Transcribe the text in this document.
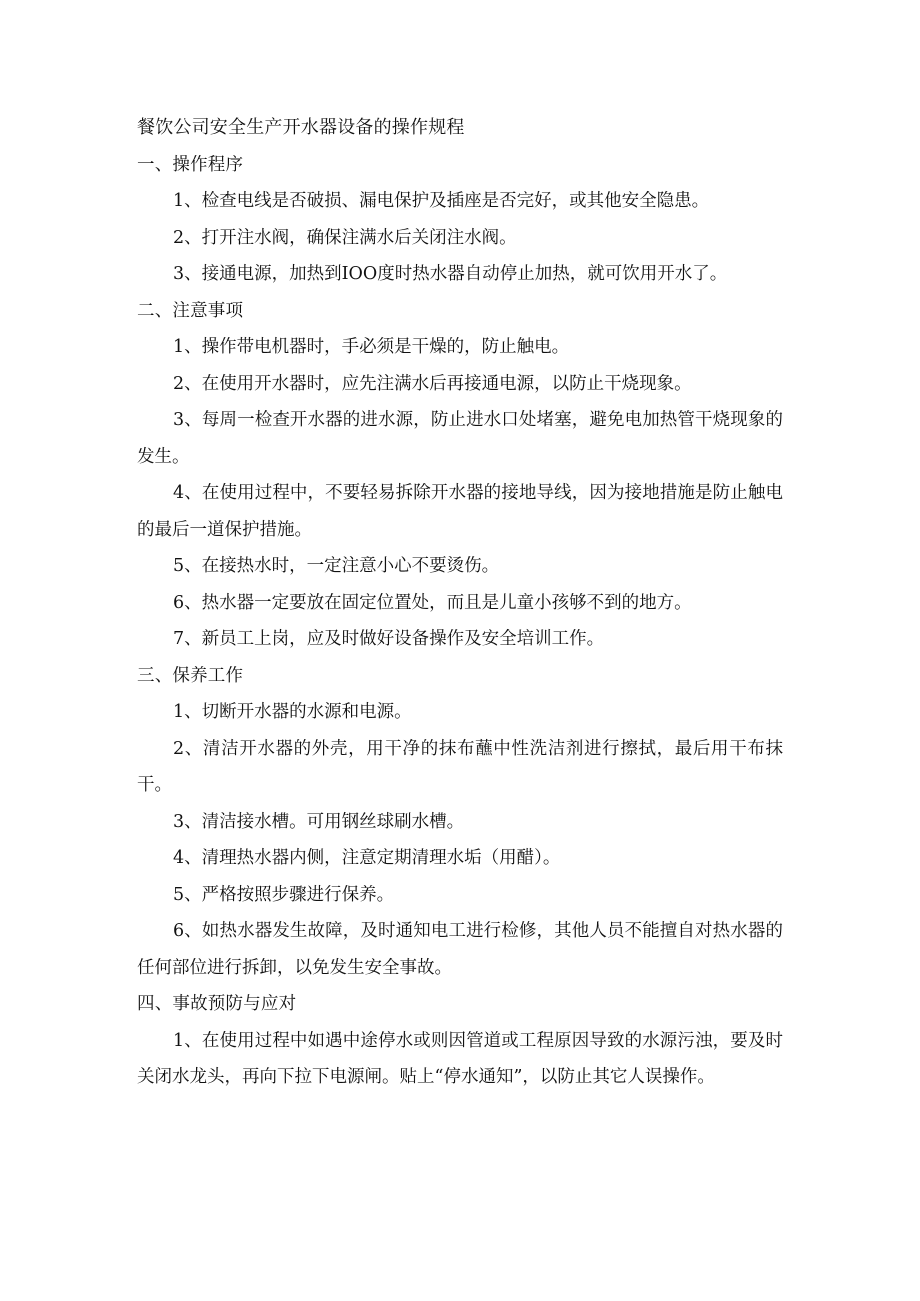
餐饮公司安全生产开水器设备的操作规程

一、操作程序

1、检查电线是否破损、漏电保护及插座是否完好，或其他安全隐患。

2、打开注水阀，确保注满水后关闭注水阀。

3、接通电源，加热到IOO度时热水器自动停止加热，就可饮用开水了。

二、注意事项

1、操作带电机器时，手必须是干燥的，防止触电。

2、在使用开水器时，应先注满水后再接通电源，以防止干烧现象。

3、每周一检查开水器的进水源，防止进水口处堵塞，避免电加热管干烧现象的发生。

4、在使用过程中，不要轻易拆除开水器的接地导线，因为接地措施是防止触电的最后一道保护措施。

5、在接热水时，一定注意小心不要烫伤。

6、热水器一定要放在固定位置处，而且是儿童小孩够不到的地方。

7、新员工上岗，应及时做好设备操作及安全培训工作。

三、保养工作

1、切断开水器的水源和电源。

2、清洁开水器的外壳，用干净的抹布蘸中性洗洁剂进行擦拭，最后用干布抹干。

3、清洁接水槽。可用钢丝球刷水槽。

4、清理热水器内侧，注意定期清理水垢（用醋）。

5、严格按照步骤进行保养。

6、如热水器发生故障，及时通知电工进行检修，其他人员不能擅自对热水器的任何部位进行拆卸，以免发生安全事故。

四、事故预防与应对

1、在使用过程中如遇中途停水或则因管道或工程原因导致的水源污浊，要及时关闭水龙头，再向下拉下电源闸。贴上“停水通知”，以防止其它人误操作。
